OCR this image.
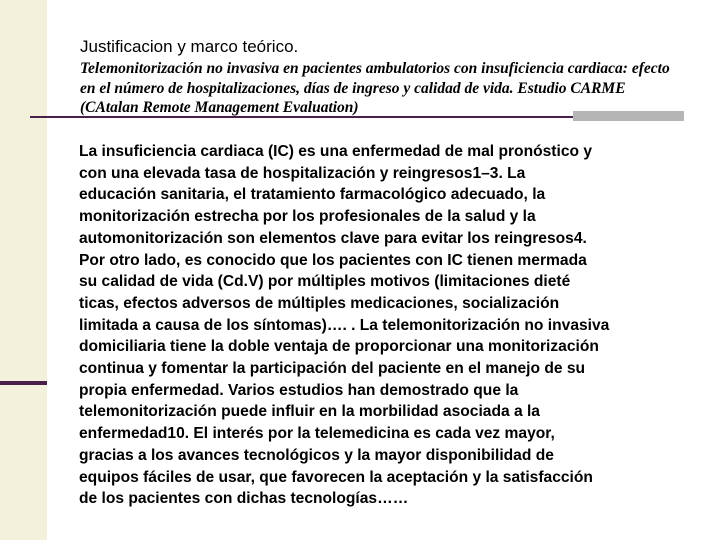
Justificacion y marco teórico.

Telemonitorización no invasiva en pacientes ambulatorios con insuficiencia cardiaca: efecto en el número de hospitalizaciones, días de ingreso y calidad de vida. Estudio CARME (CAtalan Remote Management Evaluation)

La insuficiencia cardiaca (IC) es una enfermedad de mal pronóstico y
con una elevada tasa de hospitalización y reingresos1–3. La
educación sanitaria, el tratamiento farmacológico adecuado, la
monitorización estrecha por los profesionales de la salud y la
automonitorización son elementos clave para evitar los reingresos4.
Por otro lado, es conocido que los pacientes con IC tienen mermada
su calidad de vida (Cd.V) por múltiples motivos (limitaciones dieté
ticas, efectos adversos de múltiples medicaciones, socialización
limitada a causa de los síntomas)…. . La telemonitorización no invasiva
domiciliaria tiene la doble ventaja de proporcionar una monitorización
continua y fomentar la participación del paciente en el manejo de su
propia enfermedad. Varios estudios han demostrado que la
telemonitorización puede influir en la morbilidad asociada a la
enfermedad10. El interés por la telemedicina es cada vez mayor,
gracias a los avances tecnológicos y la mayor disponibilidad de
equipos fáciles de usar, que favorecen la aceptación y la satisfacción
de los pacientes con dichas tecnologías……
